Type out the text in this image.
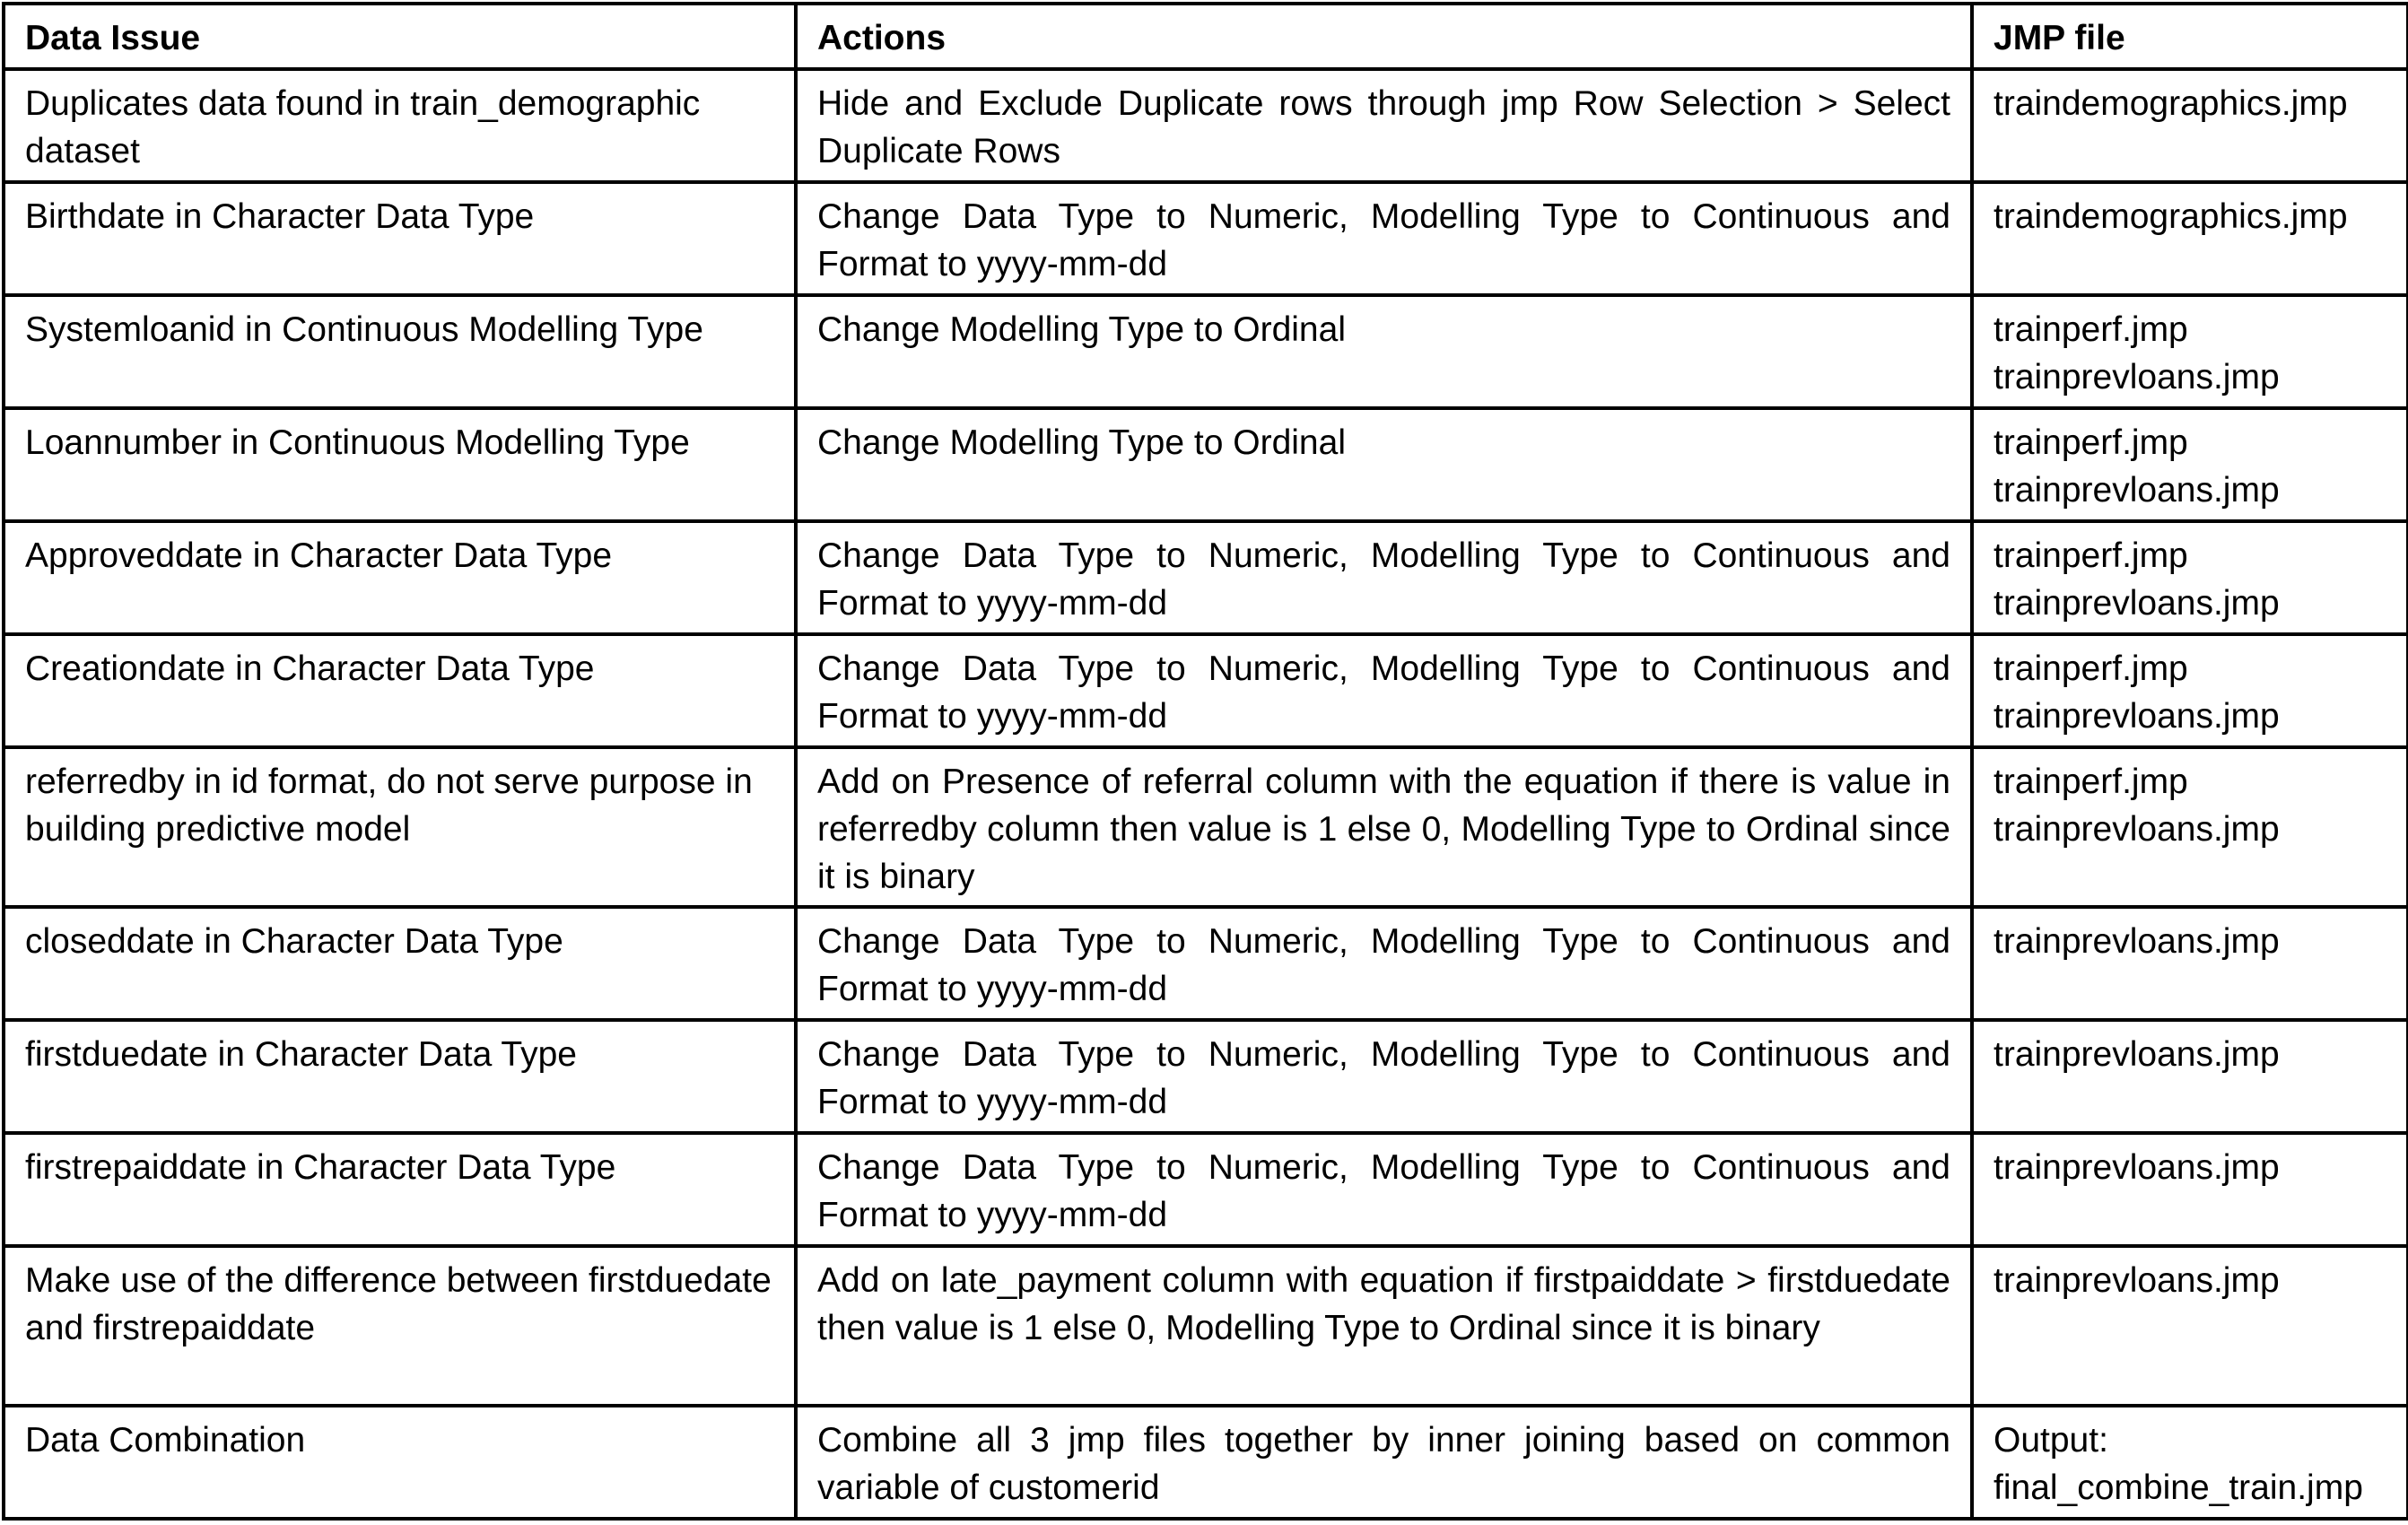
Data Issue	Actions	JMP file
Duplicates data found in train_demographic dataset	Hide and Exclude Duplicate rows through jmp Row Selection > Select Duplicate Rows	traindemographics.jmp

Birthdate in Character Data Type	Change Data Type to Numeric, Modelling Type to Continuous and Format to yyyy-mm-dd	traindemographics.jmp

Systemloanid in Continuous Modelling Type	Change Modelling Type to Ordinal	trainperf.jmp
trainprevloans.jmp

Loannumber in Continuous Modelling Type	Change Modelling Type to Ordinal	trainperf.jmp
trainprevloans.jmp

Approveddate in Character Data Type	Change Data Type to Numeric, Modelling Type to Continuous and Format to yyyy-mm-dd	trainperf.jmp
trainprevloans.jmp

Creationdate in Character Data Type	Change Data Type to Numeric, Modelling Type to Continuous and Format to yyyy-mm-dd	trainperf.jmp
trainprevloans.jmp

referredby in id format, do not serve purpose in building predictive model	Add on Presence of referral column with the equation if there is value in referredby column then value is 1 else 0, Modelling Type to Ordinal since it is binary	trainperf.jmp
trainprevloans.jmp

closeddate in Character Data Type	Change Data Type to Numeric, Modelling Type to Continuous and Format to yyyy-mm-dd	trainprevloans.jmp

firstduedate in Character Data Type	Change Data Type to Numeric, Modelling Type to Continuous and Format to yyyy-mm-dd	trainprevloans.jmp

firstrepaiddate in Character Data Type	Change Data Type to Numeric, Modelling Type to Continuous and Format to yyyy-mm-dd	trainprevloans.jmp

Make use of the difference between firstduedate and firstrepaiddate	Add on late_payment column with equation if firstpaiddate > firstduedate then value is 1 else 0, Modelling Type to Ordinal since it is binary	trainprevloans.jmp

Data Combination	Combine all 3 jmp files together by inner joining based on common variable of customerid	Output:
final_combine_train.jmp
